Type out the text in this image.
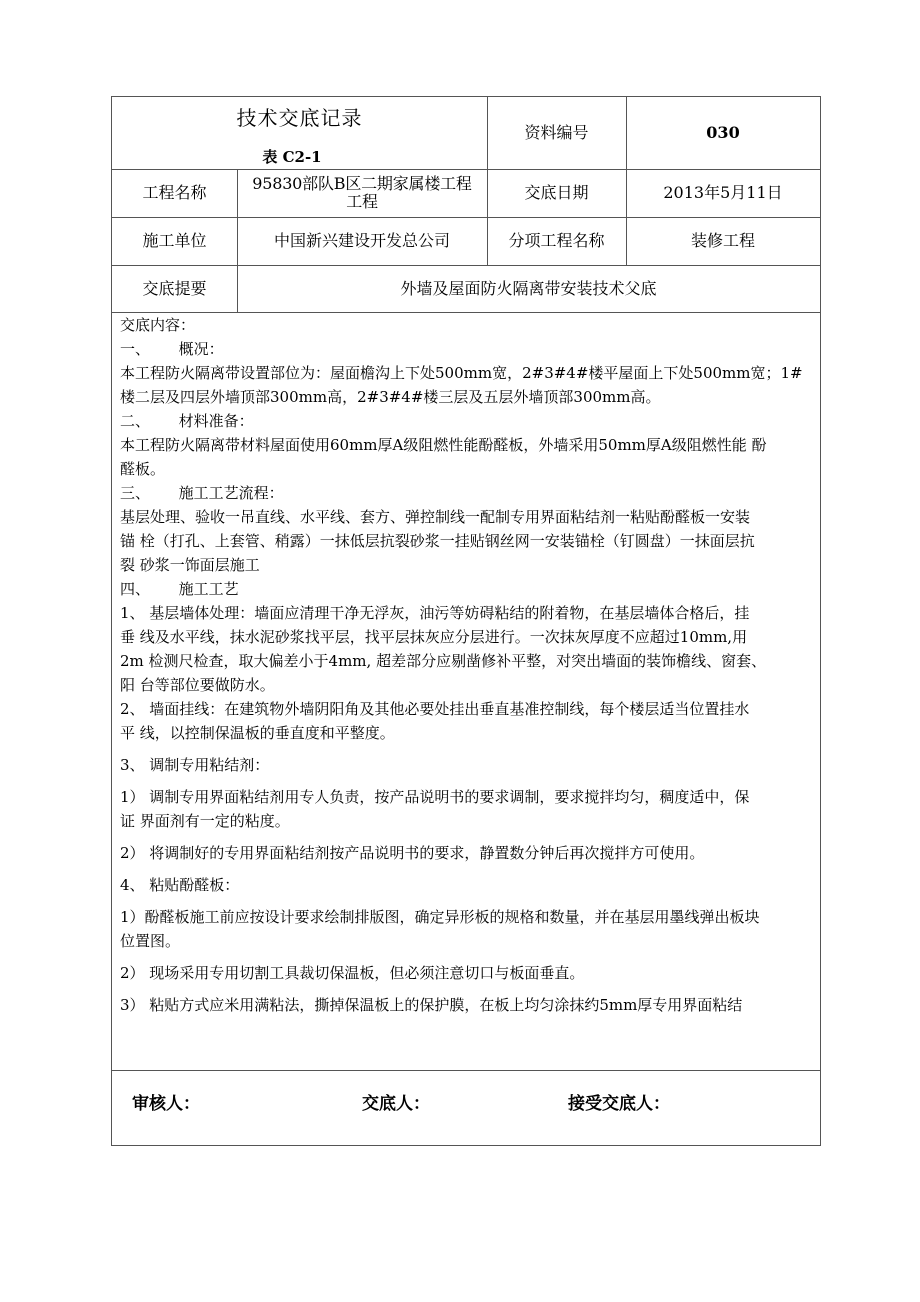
技术交底记录
表 C2-1
资料编号	030
工程名称	95830部队B区二期家属楼工程工程	交底日期	2013年5月11日
施工单位	中国新兴建设开发总公司	分项工程名称	装修工程
交底提要	外墙及屋面防火隔离带安装技术父底
交底内容：
一、      概况：
本工程防火隔离带设置部位为：屋面檐沟上下处500mm宽，2#3#4#楼平屋面上下处500mm宽；1#
楼二层及四层外墙顶部300mm高，2#3#4#楼三层及五层外墙顶部300mm高。
二、      材料准备：
本工程防火隔离带材料屋面使用60mm厚A级阻燃性能酚醛板，外墙采用50mm厚A级阻燃性能 酚
醛板。
三、      施工工艺流程：
基层处理、验收一吊直线、水平线、套方、弹控制线一配制专用界面粘结剂一粘贴酚醛板一安装
锚 栓（打孔、上套管、稍露）一抹低层抗裂砂浆一挂贴钢丝网一安装锚栓（钉圆盘）一抹面层抗
裂 砂浆一饰面层施工
四、      施工工艺
1、 基层墙体处理：墙面应清理干净无浮灰，油污等妨碍粘结的附着物，在基层墙体合格后，挂
垂 线及水平线，抹水泥砂浆找平层，找平层抹灰应分层进行。一次抹灰厚度不应超过10mm,用
2m 检测尺检查，取大偏差小于4mm, 超差部分应剔凿修补平整，对突出墙面的装饰檐线、窗套、
阳 台等部位要做防水。
2、 墙面挂线：在建筑物外墙阴阳角及其他必要处挂出垂直基准控制线，每个楼层适当位置挂水
平 线，以控制保温板的垂直度和平整度。
3、 调制专用粘结剂：
1） 调制专用界面粘结剂用专人负责，按产品说明书的要求调制，要求搅拌均匀，稠度适中，保
证 界面剂有一定的粘度。
2） 将调制好的专用界面粘结剂按产品说明书的要求，静置数分钟后再次搅拌方可使用。
4、 粘贴酚醛板：
1）酚醛板施工前应按设计要求绘制排版图，确定异形板的规格和数量，并在基层用墨线弹出板块
位置图。
2） 现场采用专用切割工具裁切保温板，但必须注意切口与板面垂直。
3） 粘贴方式应米用满粘法，撕掉保温板上的保护膜，在板上均匀涂抹约5mm厚专用界面粘结
审核人：	交底人：	接受交底人：
